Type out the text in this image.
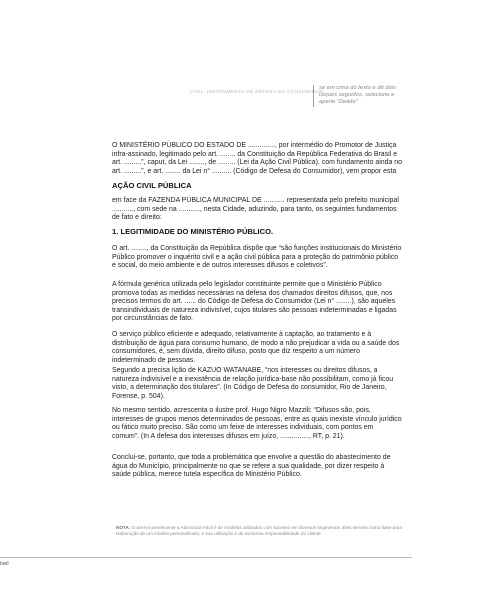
CIVIL: INSTRUMENTO DE DEFESA DO CONSUMIDOR
se em cima do texto e dê dois cliques seguidos, selecione e aperte “Delete”

O MINISTÉRIO PÚBLICO DO ESTADO DE .............., por intermédio do Promotor de Justiça infra-assinado, legitimado pelo art. ........ da Constituição da República Federativa do Brasil e art. .........”, caput, da Lei ........, de ......... (Lei da Ação Civil Pública), com fundamento ainda no art. .........”, e art. ........ da Lei n° .......... (Código de Defesa do Consumidor), vem propor esta

AÇÃO CIVIL PÚBLICA

em face da FAZENDA PÚBLICA MUNICIPAL DE ........... representada pelo prefeito municipal ..........., com sede na ..........., nesta Cidade, aduzindo, para tanto, os seguintes fundamentos de fato e direito:

1. LEGITIMIDADE DO MINISTÉRIO PÚBLICO.

O art. ........, da Constituição da República dispõe que “são funções institucionais do Ministério Público promover o inquérito civil e a ação civil pública para a proteção do patrimônio público e social, do meio ambiente e de outros interesses difusos e coletivos”.

A fórmula genérica utilizada pelo legislador constituinte permite que o Ministério Público promova todas as medidas necessárias na defesa dos chamados direitos difusos, que, nos precisos termos do art. ...... do Código de Defesa do Consumidor (Lei n° ........), são aqueles transindividuais de natureza indivisível, cujos titulares são pessoas indeterminadas e ligadas por circunstâncias de fato.

O serviço público eficiente e adequado, relativamente à captação, ao tratamento e à distribuição de água para consumo humano, de modo a não prejudicar a vida ou a saúde dos consumidores, é, sem dúvida, direito difuso, posto que diz respeito a um número indeterminado de pessoas.

Segundo a precisa lição de KAZUO WATANABE, “nos interesses ou direitos difusos, a natureza indivisível e a inexistência de relação jurídica-base não possibilitam, como já ficou visto, a determinação dos titulares”. (In Código de Defesa do consumidor, Rio de Janeiro, Forense, p. 504).

No mesmo sentido, acrescenta o ilustre prof. Hugo Nigro Mazzili: “Difusos são, pois, interesses de grupos menos determinados de pessoas, entre as quais inexiste vínculo jurídico ou fático muito preciso. São como um feixe de interesses individuais, com pontos em comum”. (In A defesa dos interesses difusos em juízo, ..............., RT, p. 21).

Conclui-se, portanto, que toda a problemática que envolve a questão do abastecimento de água do Município, principalmente no que se refere a sua qualidade, por dizer respeito à saúde pública, merece tutela específica do Ministério Público.

NOTA: O acervo pertencente a Advocacia Fácil é de modelos utilizados com sucesso em diversos segmentos. Eles servem como base para elaboração de um modelo personalizado, e sua utilização é de exclusiva responsabilidade do cliente.
ível
